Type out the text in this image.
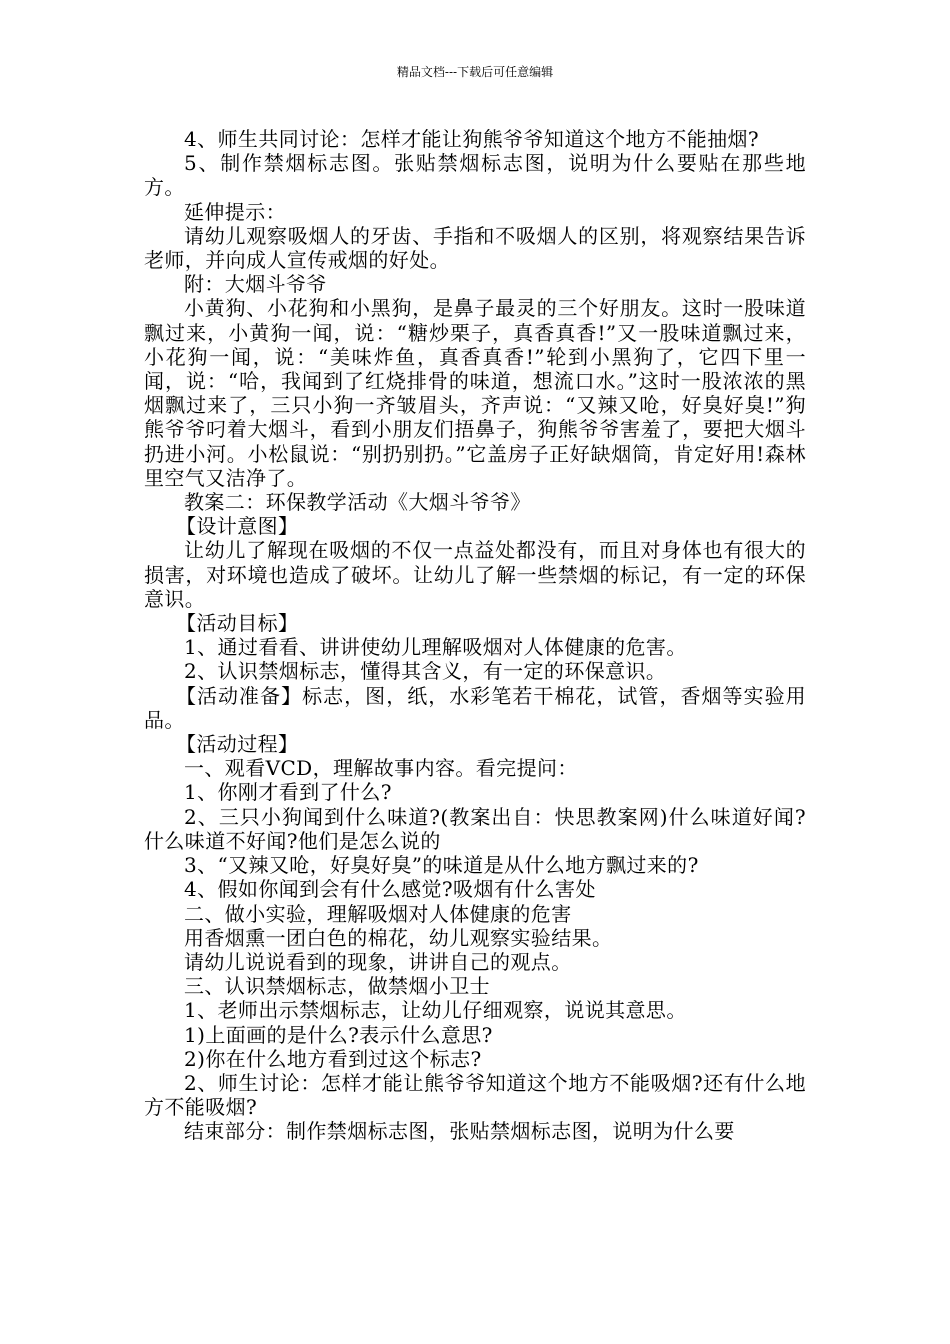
精品文档---下载后可任意编辑

4、师生共同讨论：怎样才能让狗熊爷爷知道这个地方不能抽烟?

5、制作禁烟标志图。张贴禁烟标志图，说明为什么要贴在那些地方。

延伸提示：

请幼儿观察吸烟人的牙齿、手指和不吸烟人的区别，将观察结果告诉老师，并向成人宣传戒烟的好处。

附：大烟斗爷爷

小黄狗、小花狗和小黑狗，是鼻子最灵的三个好朋友。这时一股味道飘过来，小黄狗一闻，说：“糖炒栗子，真香真香!”又一股味道飘过来，小花狗一闻，说：“美味炸鱼，真香真香!”轮到小黑狗了，它四下里一闻，说：“哈，我闻到了红烧排骨的味道，想流口水。”这时一股浓浓的黑烟飘过来了，三只小狗一齐皱眉头，齐声说：“又辣又呛，好臭好臭!”狗熊爷爷叼着大烟斗，看到小朋友们捂鼻子，狗熊爷爷害羞了，要把大烟斗扔进小河。小松鼠说：“别扔别扔。”它盖房子正好缺烟筒，肯定好用!森林里空气又洁净了。

教案二：环保教学活动《大烟斗爷爷》

【设计意图】

让幼儿了解现在吸烟的不仅一点益处都没有，而且对身体也有很大的损害，对环境也造成了破坏。让幼儿了解一些禁烟的标记，有一定的环保意识。

【活动目标】

1、通过看看、讲讲使幼儿理解吸烟对人体健康的危害。

2、认识禁烟标志，懂得其含义，有一定的环保意识。

【活动准备】标志，图，纸，水彩笔若干棉花，试管，香烟等实验用品。

【活动过程】

一、观看VCD，理解故事内容。看完提问：

1、你刚才看到了什么?

2、三只小狗闻到什么味道?(教案出自：快思教案网)什么味道好闻?什么味道不好闻?他们是怎么说的

3、“又辣又呛，好臭好臭”的味道是从什么地方飘过来的?

4、假如你闻到会有什么感觉?吸烟有什么害处

二、做小实验，理解吸烟对人体健康的危害

用香烟熏一团白色的棉花，幼儿观察实验结果。

请幼儿说说看到的现象，讲讲自己的观点。

三、认识禁烟标志，做禁烟小卫士

1、老师出示禁烟标志，让幼儿仔细观察，说说其意思。

1)上面画的是什么?表示什么意思?

2)你在什么地方看到过这个标志?

2、师生讨论：怎样才能让熊爷爷知道这个地方不能吸烟?还有什么地方不能吸烟?

结束部分：制作禁烟标志图，张贴禁烟标志图，说明为什么要
